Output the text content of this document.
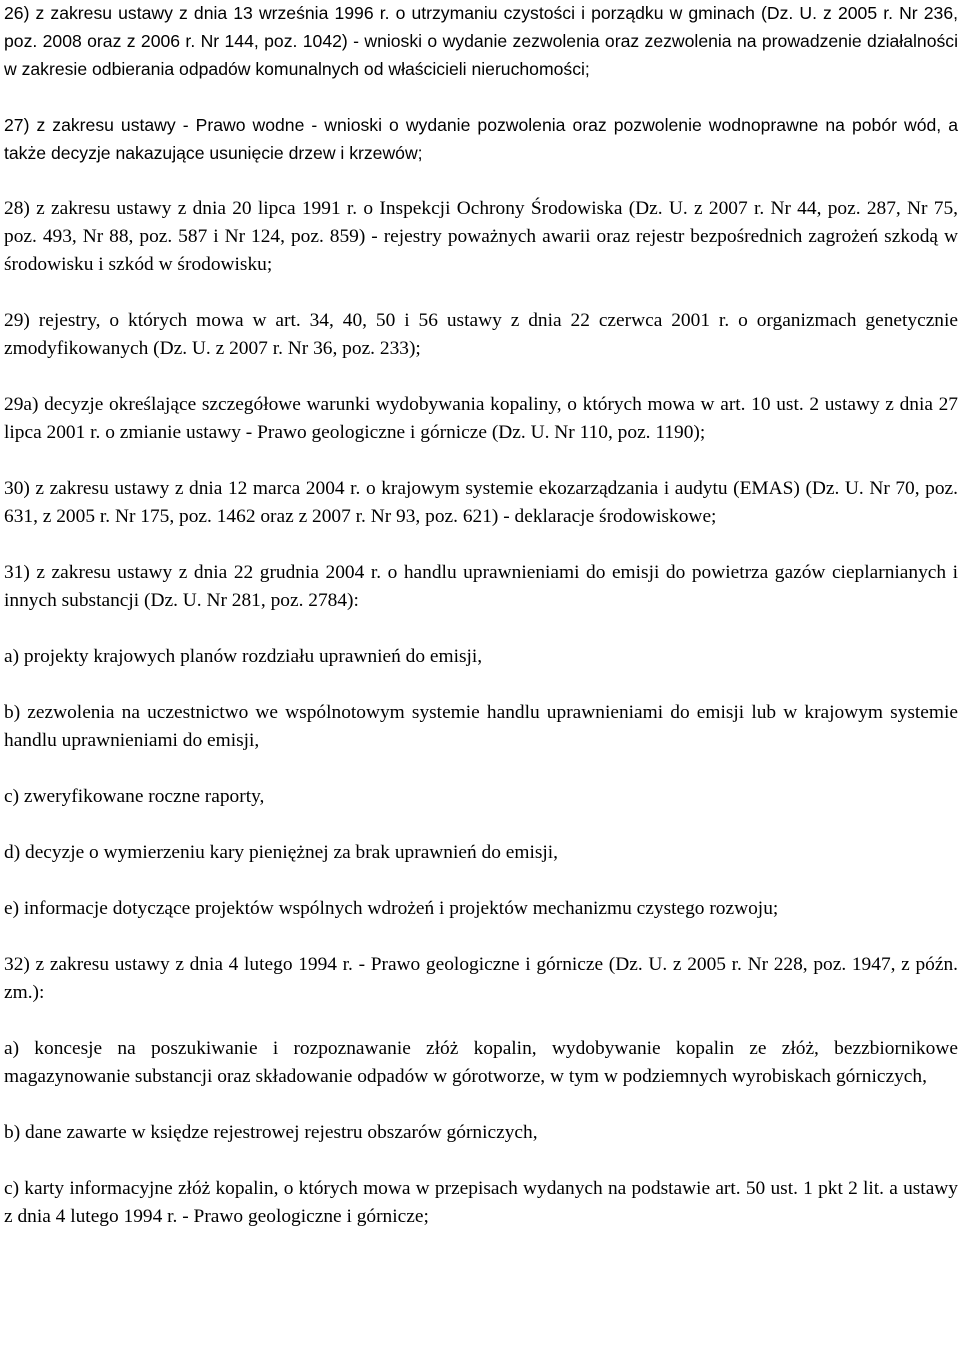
26) z zakresu ustawy z dnia 13 września 1996 r. o utrzymaniu czystości i porządku w gminach (Dz. U. z 2005 r. Nr 236, poz. 2008 oraz z 2006 r. Nr 144, poz. 1042) - wnioski o wydanie zezwolenia oraz zezwolenia na prowadzenie działalności w zakresie odbierania odpadów komunalnych od właścicieli nieruchomości;

27) z zakresu ustawy - Prawo wodne - wnioski o wydanie pozwolenia oraz pozwolenie wodnoprawne na pobór wód, a także decyzje nakazujące usunięcie drzew i krzewów;

28) z zakresu ustawy z dnia 20 lipca 1991 r. o Inspekcji Ochrony Środowiska (Dz. U. z 2007 r. Nr 44, poz. 287, Nr 75, poz. 493, Nr 88, poz. 587 i Nr 124, poz. 859) - rejestry poważnych awarii oraz rejestr bezpośrednich zagrożeń szkodą w środowisku i szkód w środowisku;

29) rejestry, o których mowa w art. 34, 40, 50 i 56 ustawy z dnia 22 czerwca 2001 r. o organizmach genetycznie zmodyfikowanych (Dz. U. z 2007 r. Nr 36, poz. 233);

29a) decyzje określające szczegółowe warunki wydobywania kopaliny, o których mowa w art. 10 ust. 2 ustawy z dnia 27 lipca 2001 r. o zmianie ustawy - Prawo geologiczne i górnicze (Dz. U. Nr 110, poz. 1190);

30) z zakresu ustawy z dnia 12 marca 2004 r. o krajowym systemie ekozarządzania i audytu (EMAS) (Dz. U. Nr 70, poz. 631, z 2005 r. Nr 175, poz. 1462 oraz z 2007 r. Nr 93, poz. 621) - deklaracje środowiskowe;

31) z zakresu ustawy z dnia 22 grudnia 2004 r. o handlu uprawnieniami do emisji do powietrza gazów cieplarnianych i innych substancji (Dz. U. Nr 281, poz. 2784):

a) projekty krajowych planów rozdziału uprawnień do emisji,

b) zezwolenia na uczestnictwo we wspólnotowym systemie handlu uprawnieniami do emisji lub w krajowym systemie handlu uprawnieniami do emisji,

c) zweryfikowane roczne raporty,

d) decyzje o wymierzeniu kary pieniężnej za brak uprawnień do emisji,

e) informacje dotyczące projektów wspólnych wdrożeń i projektów mechanizmu czystego rozwoju;

32) z zakresu ustawy z dnia 4 lutego 1994 r. - Prawo geologiczne i górnicze (Dz. U. z 2005 r. Nr 228, poz. 1947, z późn. zm.):

a) koncesje na poszukiwanie i rozpoznawanie złóż kopalin, wydobywanie kopalin ze złóż, bezzbiornikowe magazynowanie substancji oraz składowanie odpadów w górotworze, w tym w podziemnych wyrobiskach górniczych,

b) dane zawarte w księdze rejestrowej rejestru obszarów górniczych,

c) karty informacyjne złóż kopalin, o których mowa w przepisach wydanych na podstawie art. 50 ust. 1 pkt 2 lit. a ustawy z dnia 4 lutego 1994 r. - Prawo geologiczne i górnicze;
